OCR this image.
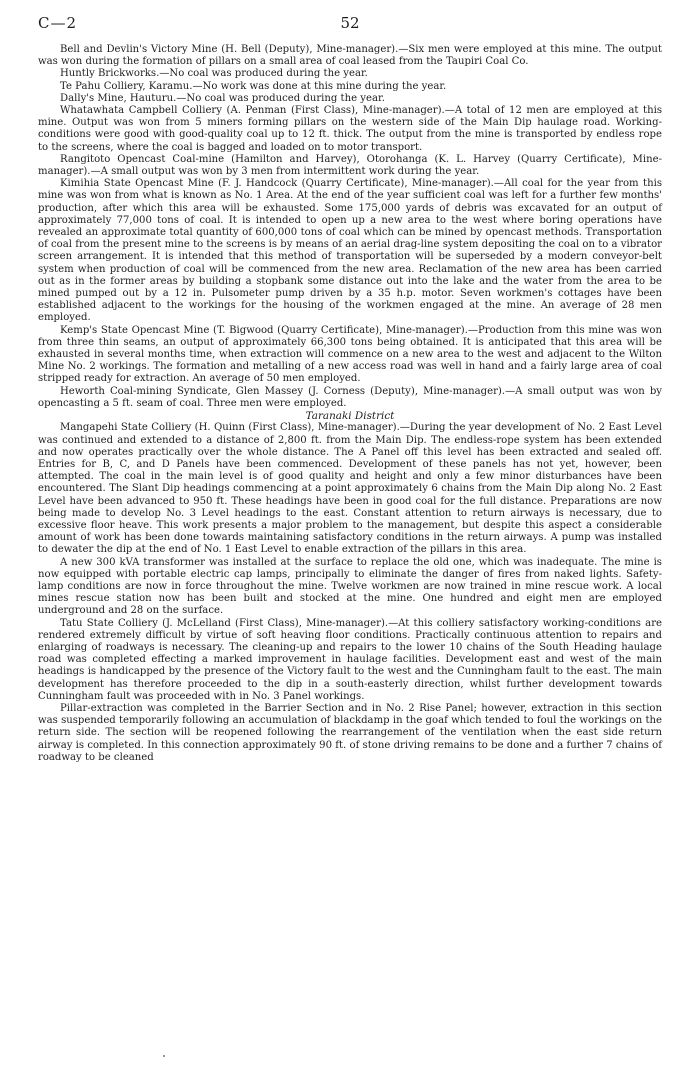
C—2	52

Bell and Devlin's Victory Mine (H. Bell (Deputy), Mine-manager).—Six men were employed at this mine. The output was won during the formation of pillars on a small area of coal leased from the Taupiri Coal Co.

Huntly Brickworks.—No coal was produced during the year.

Te Pahu Colliery, Karamu.—No work was done at this mine during the year.

Dally's Mine, Hauturu.—No coal was produced during the year.

Whatawhata Campbell Colliery (A. Penman (First Class), Mine-manager).—A total of 12 men are employed at this mine. Output was won from 5 miners forming pillars on the western side of the Main Dip haulage road. Working-conditions were good with good-quality coal up to 12 ft. thick. The output from the mine is transported by endless rope to the screens, where the coal is bagged and loaded on to motor transport.

Rangitoto Opencast Coal-mine (Hamilton and Harvey), Otorohanga (K. L. Harvey (Quarry Certificate), Mine-manager).—A small output was won by 3 men from intermittent work during the year.

Kimihia State Opencast Mine (F. J. Handcock (Quarry Certificate), Mine-manager).—All coal for the year from this mine was won from what is known as No. 1 Area. At the end of the year sufficient coal was left for a further few months' production, after which this area will be exhausted. Some 175,000 yards of debris was excavated for an output of approximately 77,000 tons of coal. It is intended to open up a new area to the west where boring operations have revealed an approximate total quantity of 600,000 tons of coal which can be mined by opencast methods. Transportation of coal from the present mine to the screens is by means of an aerial drag-line system depositing the coal on to a vibrator screen arrangement. It is intended that this method of transportation will be superseded by a modern conveyor-belt system when production of coal will be commenced from the new area. Reclamation of the new area has been carried out as in the former areas by building a stopbank some distance out into the lake and the water from the area to be mined pumped out by a 12 in. Pulsometer pump driven by a 35 h.p. motor. Seven workmen's cottages have been established adjacent to the workings for the housing of the workmen engaged at the mine. An average of 28 men employed.

Kemp's State Opencast Mine (T. Bigwood (Quarry Certificate), Mine-manager).—Production from this mine was won from three thin seams, an output of approximately 66,300 tons being obtained. It is anticipated that this area will be exhausted in several months time, when extraction will commence on a new area to the west and adjacent to the Wilton Mine No. 2 workings. The formation and metalling of a new access road was well in hand and a fairly large area of coal stripped ready for extraction. An average of 50 men employed.

Heworth Coal-mining Syndicate, Glen Massey (J. Corness (Deputy), Mine-manager).—A small output was won by opencasting a 5 ft. seam of coal. Three men were employed.

Taranaki District

Mangapehi State Colliery (H. Quinn (First Class), Mine-manager).—During the year development of No. 2 East Level was continued and extended to a distance of 2,800 ft. from the Main Dip. The endless-rope system has been extended and now operates practically over the whole distance. The A Panel off this level has been extracted and sealed off. Entries for B, C, and D Panels have been commenced. Development of these panels has not yet, however, been attempted. The coal in the main level is of good quality and height and only a few minor disturbances have been encountered. The Slant Dip headings commencing at a point approximately 6 chains from the Main Dip along No. 2 East Level have been advanced to 950 ft. These headings have been in good coal for the full distance. Preparations are now being made to develop No. 3 Level headings to the east. Constant attention to return airways is necessary, due to excessive floor heave. This work presents a major problem to the management, but despite this aspect a considerable amount of work has been done towards maintaining satisfactory conditions in the return airways. A pump was installed to dewater the dip at the end of No. 1 East Level to enable extraction of the pillars in this area.

A new 300 kVA transformer was installed at the surface to replace the old one, which was inadequate. The mine is now equipped with portable electric cap lamps, principally to eliminate the danger of fires from naked lights. Safety-lamp conditions are now in force throughout the mine. Twelve workmen are now trained in mine rescue work. A local mines rescue station now has been built and stocked at the mine. One hundred and eight men are employed underground and 28 on the surface.

Tatu State Colliery (J. McLelland (First Class), Mine-manager).—At this colliery satisfactory working-conditions are rendered extremely difficult by virtue of soft heaving floor conditions. Practically continuous attention to repairs and enlarging of roadways is necessary. The cleaning-up and repairs to the lower 10 chains of the South Heading haulage road was completed effecting a marked improvement in haulage facilities. Development east and west of the main headings is handicapped by the presence of the Victory fault to the west and the Cunningham fault to the east. The main development has therefore proceeded to the dip in a south-easterly direction, whilst further development towards Cunningham fault was proceeded with in No. 3 Panel workings.

Pillar-extraction was completed in the Barrier Section and in No. 2 Rise Panel; however, extraction in this section was suspended temporarily following an accumulation of blackdamp in the goaf which tended to foul the workings on the return side. The section will be reopened following the rearrangement of the ventilation when the east side return airway is completed. In this connection approximately 90 ft. of stone driving remains to be done and a further 7 chains of roadway to be cleaned
